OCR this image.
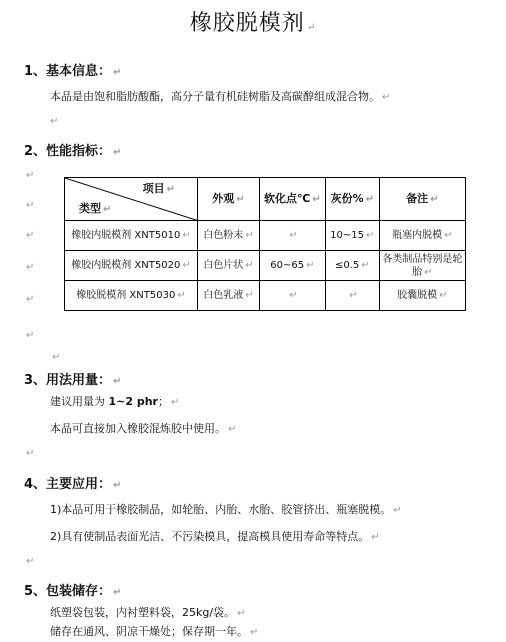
橡胶脱模剂 ↵
1、基本信息： ↵
本品是由饱和脂肪酸酯，高分子量有机硅树脂及高碳醇组成混合物。 ↵
↵
2、性能指标： ↵
↵
↵
↵
↵
↵
↵
↵
项目 ↵
类型 ↵	外观 ↵	软化点℃ ↵	灰份% ↵	备注 ↵
橡胶内脱模剂 XNT5010 ↵	白色粉末 ↵	↵	10~15 ↵	瓶塞内脱模 ↵
橡胶内脱模剂 XNT5020 ↵	白色片状 ↵	60~65 ↵	≤0.5 ↵	各类制品特别是轮胎 ↵
橡胶脱模剂 XNT5030 ↵	白色乳液 ↵	↵	↵	胶囊脱模 ↵
3、用法用量： ↵
建议用量为 1~2 phr； ↵
本品可直接加入橡胶混炼胶中使用。 ↵
↵
4、主要应用： ↵
1)本品可用于橡胶制品，如轮胎、内胎、水胎、胶管挤出、瓶塞脱模。 ↵
2)具有使制品表面光洁、不污染模具，提高模具使用寿命等特点。 ↵
↵
5、包装储存： ↵
纸塑袋包装，内衬塑料袋，25kg/袋。 ↵
储存在通风、阴凉干燥处；保存期一年。 ↵
